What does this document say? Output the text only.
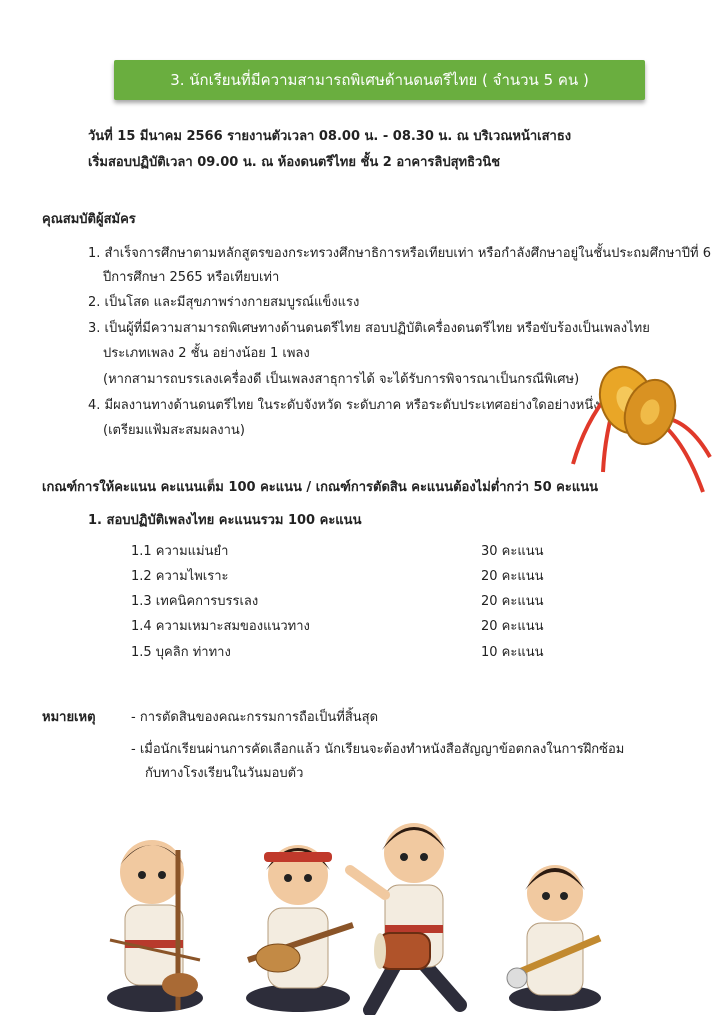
3. นักเรียนที่มีความสามารถพิเศษด้านดนตรีไทย ( จำนวน 5 คน )
วันที่ 15 มีนาคม 2566 รายงานตัวเวลา 08.00 น. - 08.30 น. ณ บริเวณหน้าเสาธง
เริ่มสอบปฏิบัติเวลา 09.00 น. ณ ห้องดนตรีไทย ชั้น 2 อาคารลิปสุทธิวนิช
คุณสมบัติผู้สมัคร
1. สำเร็จการศึกษาตามหลักสูตรของกระทรวงศึกษาธิการหรือเทียบเท่า หรือกำลังศึกษาอยู่ในชั้นประถมศึกษาปีที่ 6
ปีการศึกษา 2565 หรือเทียบเท่า
2. เป็นโสด และมีสุขภาพร่างกายสมบูรณ์แข็งแรง
3. เป็นผู้ที่มีความสามารถพิเศษทางด้านดนตรีไทย สอบปฏิบัติเครื่องดนตรีไทย หรือขับร้องเป็นเพลงไทย
ประเภทเพลง 2 ชั้น อย่างน้อย 1 เพลง
(หากสามารถบรรเลงเครื่องดี เป็นเพลงสาธุการได้ จะได้รับการพิจารณาเป็นกรณีพิเศษ)
4. มีผลงานทางด้านดนตรีไทย ในระดับจังหวัด ระดับภาค หรือระดับประเทศอย่างใดอย่างหนึ่ง
(เตรียมแฟ้มสะสมผลงาน)
เกณฑ์การให้คะแนน คะแนนเต็ม 100 คะแนน / เกณฑ์การตัดสิน คะแนนต้องไม่ต่ำกว่า 50 คะแนน
1. สอบปฏิบัติเพลงไทย คะแนนรวม 100 คะแนน
1.1 ความแม่นยำ	30 คะแนน
1.2 ความไพเราะ	20 คะแนน
1.3 เทคนิคการบรรเลง	20 คะแนน
1.4 ความเหมาะสมของแนวทาง	20 คะแนน
1.5 บุคลิก ท่าทาง	10 คะแนน
หมายเหตุ	- การตัดสินของคณะกรรมการถือเป็นที่สิ้นสุด
- เมื่อนักเรียนผ่านการคัดเลือกแล้ว นักเรียนจะต้องทำหนังสือสัญญาข้อตกลงในการฝึกซ้อม
กับทางโรงเรียนในวันมอบตัว
